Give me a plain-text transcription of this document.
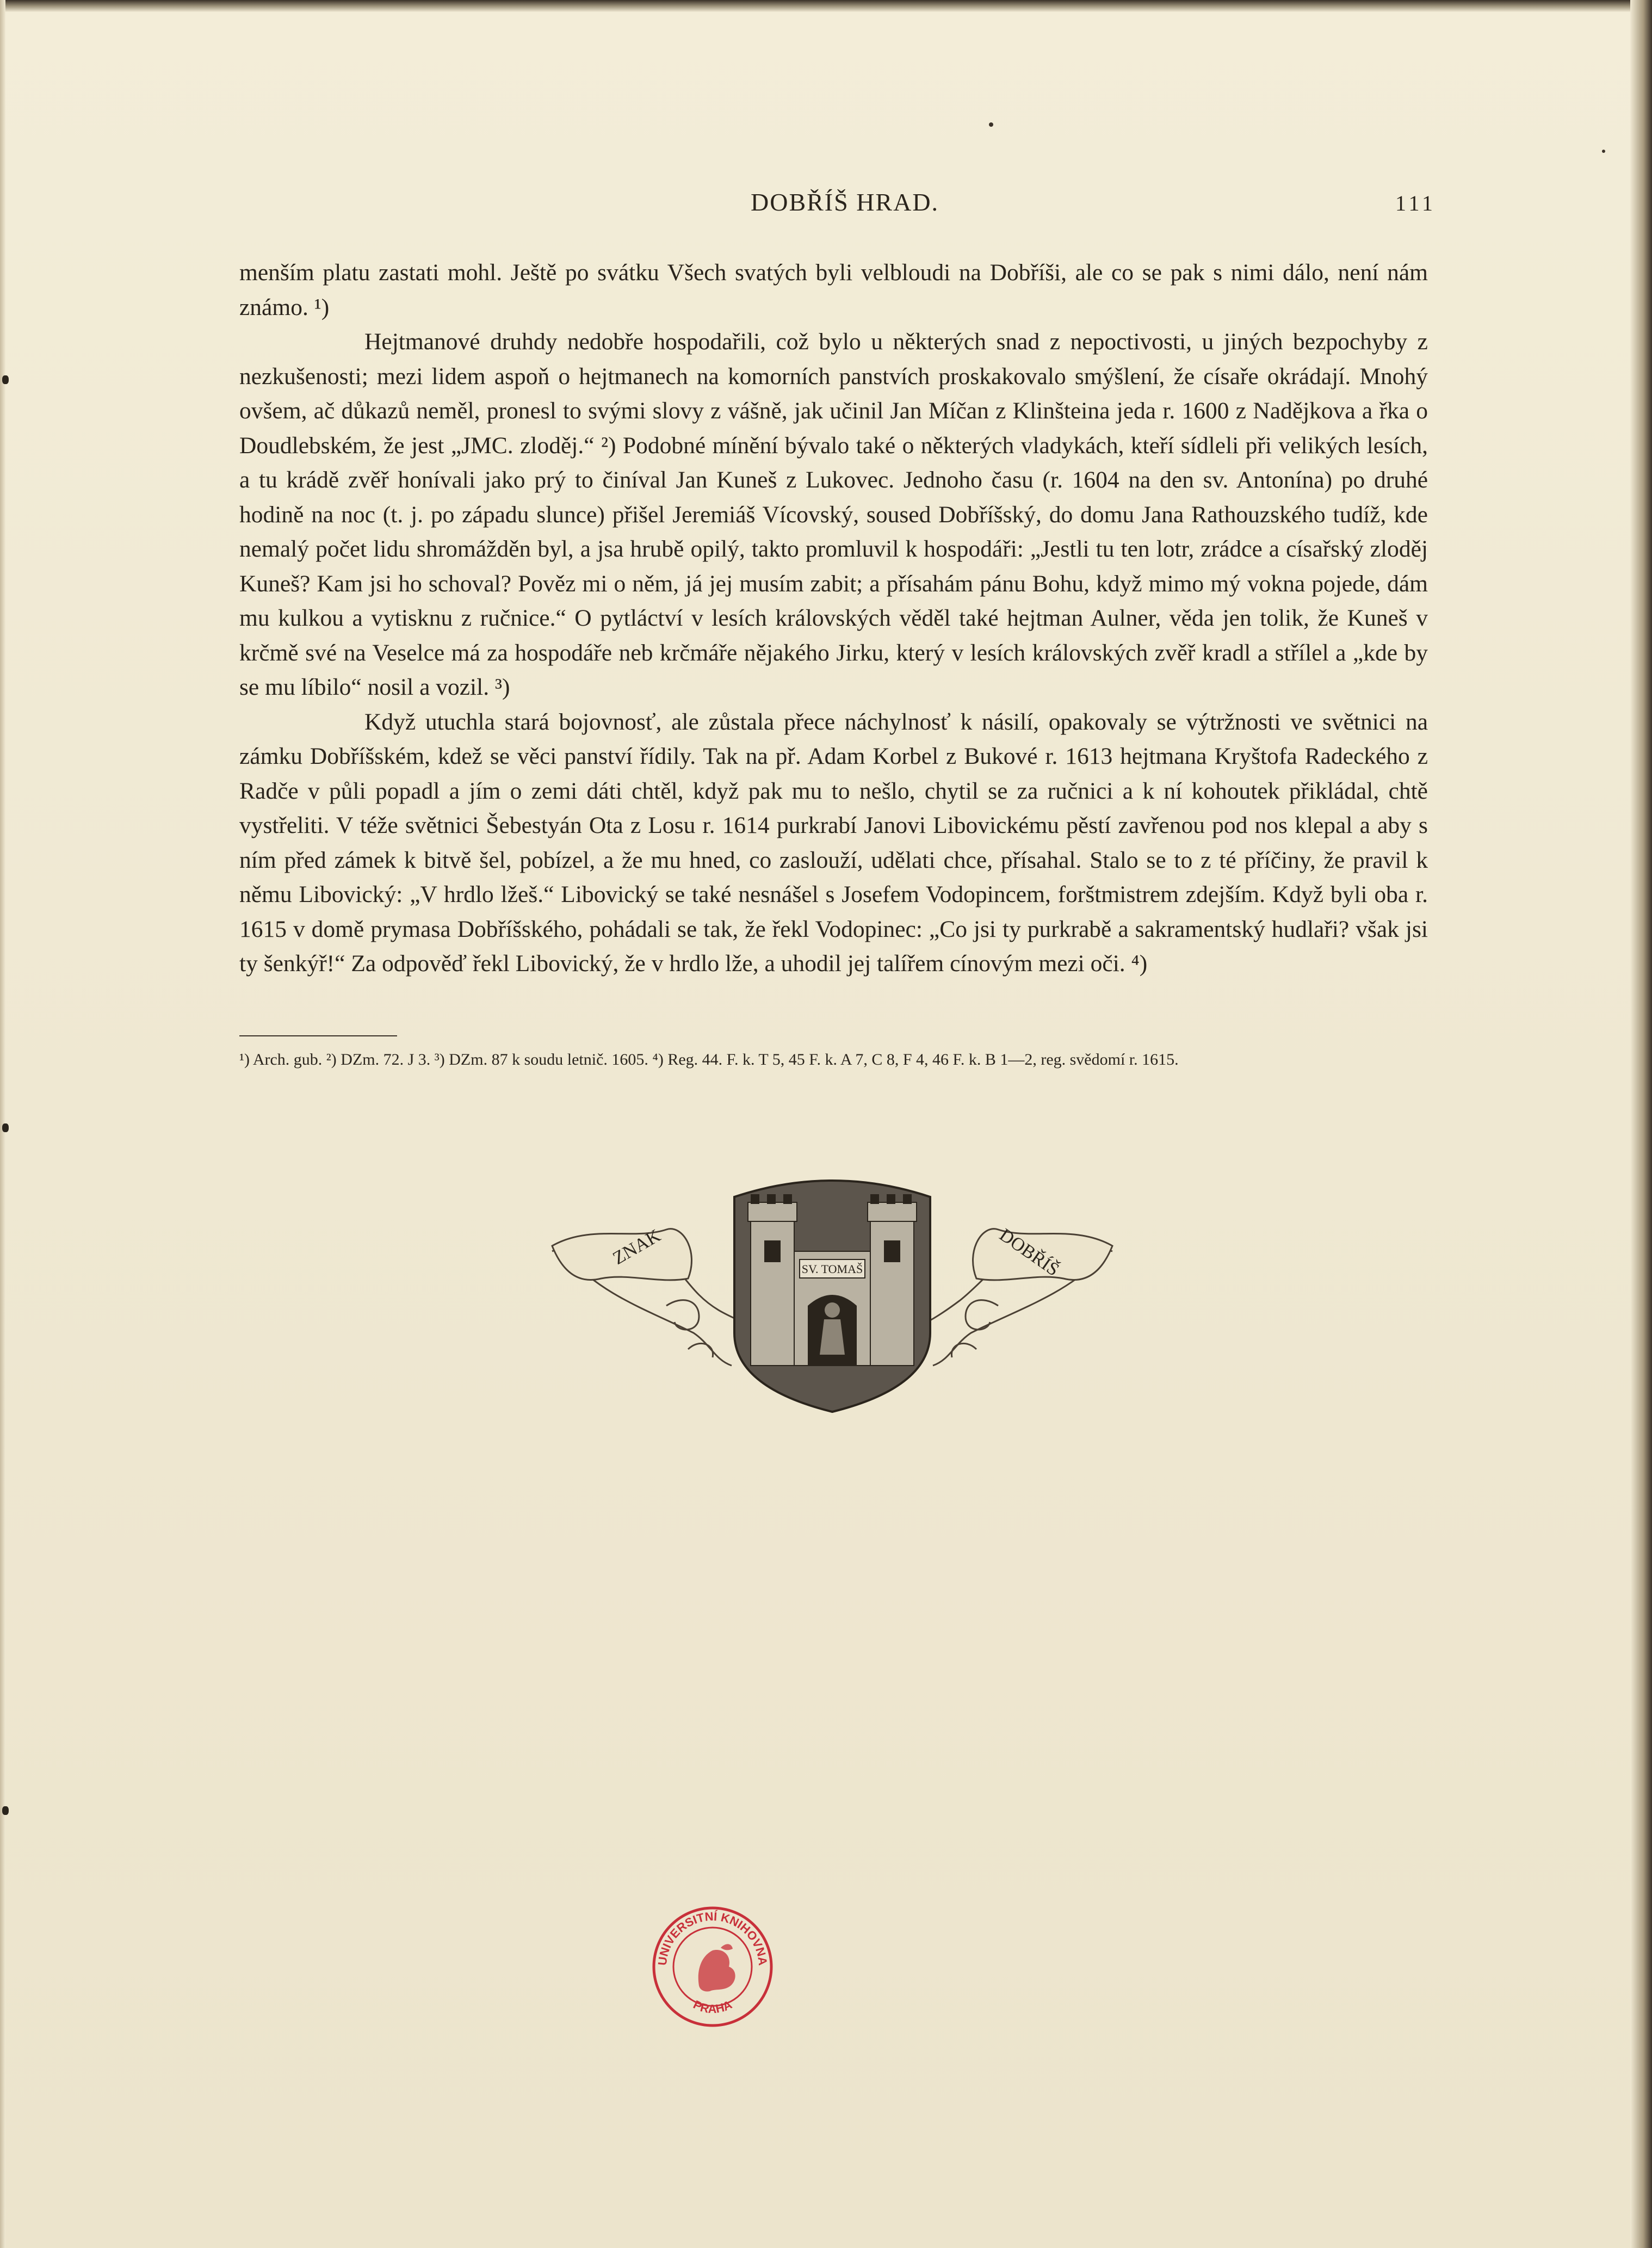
DOBŘÍŠ HRAD.	111

menším platu zastati mohl. Ještě po svátku Všech svatých byli velbloudi na Dobříši, ale co se pak s nimi dálo, není nám známo. ¹)

Hejtmanové druhdy nedobře hospodařili, což bylo u některých snad z nepoctivosti, u jiných bezpochyby z nezkušenosti; mezi lidem aspoň o hejtmanech na komorních panstvích proskakovalo smýšlení, že císaře okrádají. Mnohý ovšem, ač důkazů neměl, pronesl to svými slovy z vášně, jak učinil Jan Míčan z Klinšteina jeda r. 1600 z Nadějkova a řka o Doudlebském, že jest „JMC. zloděj.“ ²) Podobné mínění bývalo také o některých vladykách, kteří sídleli při velikých lesích, a tu krádě zvěř honívali jako prý to činíval Jan Kuneš z Lukovec. Jednoho času (r. 1604 na den sv. Antonína) po druhé hodině na noc (t. j. po západu slunce) přišel Jeremiáš Vícovský, soused Dobříšský, do domu Jana Rathouzského tudíž, kde nemalý počet lidu shromážděn byl, a jsa hrubě opilý, takto promluvil k hospodáři: „Jestli tu ten lotr, zrádce a císařský zloděj Kuneš? Kam jsi ho schoval? Pověz mi o něm, já jej musím zabit; a přísahám pánu Bohu, když mimo mý vokna pojede, dám mu kulkou a vytisknu z ručnice.“ O pytláctví v lesích královských věděl také hejtman Aulner, věda jen tolik, že Kuneš v krčmě své na Veselce má za hospodáře neb krčmáře nějakého Jirku, který v lesích královských zvěř kradl a střílel a „kde by se mu líbilo“ nosil a vozil. ³)

Když utuchla stará bojovnosť, ale zůstala přece náchylnosť k násilí, opakovaly se výtržnosti ve světnici na zámku Dobříšském, kdež se věci panství řídily. Tak na př. Adam Korbel z Bukové r. 1613 hejtmana Kryštofa Radeckého z Radče v půli popadl a jím o zemi dáti chtěl, když pak mu to nešlo, chytil se za ručnici a k ní kohoutek přikládal, chtě vystřeliti. V téže světnici Šebestyán Ota z Losu r. 1614 purkrabí Janovi Libovickému pěstí zavřenou pod nos klepal a aby s ním před zámek k bitvě šel, pobízel, a že mu hned, co zaslouží, udělati chce, přísahal. Stalo se to z té příčiny, že pravil k němu Libovický: „V hrdlo lžeš.“ Libovický se také nesnášel s Josefem Vodopincem, forštmistrem zdejším. Když byli oba r. 1615 v domě prymasa Dobříšského, pohádali se tak, že řekl Vodopinec: „Co jsi ty purkrabě a sakramentský hudlaři? však jsi ty šenkýř!“ Za odpověď řekl Libovický, že v hrdlo lže, a uhodil jej talířem cínovým mezi oči. ⁴)

¹) Arch. gub. ²) DZm. 72. J 3. ³) DZm. 87 k soudu letnič. 1605. ⁴) Reg. 44. F. k. T 5, 45 F. k. A 7, C 8, F 4, 46 F. k. B 1—2, reg. svědomí r. 1615.
ZNAK	DOBŘÍŠ
SV. TOMAŠ
UNIVERSITNÍ KNIHOVNA
PRAHA
